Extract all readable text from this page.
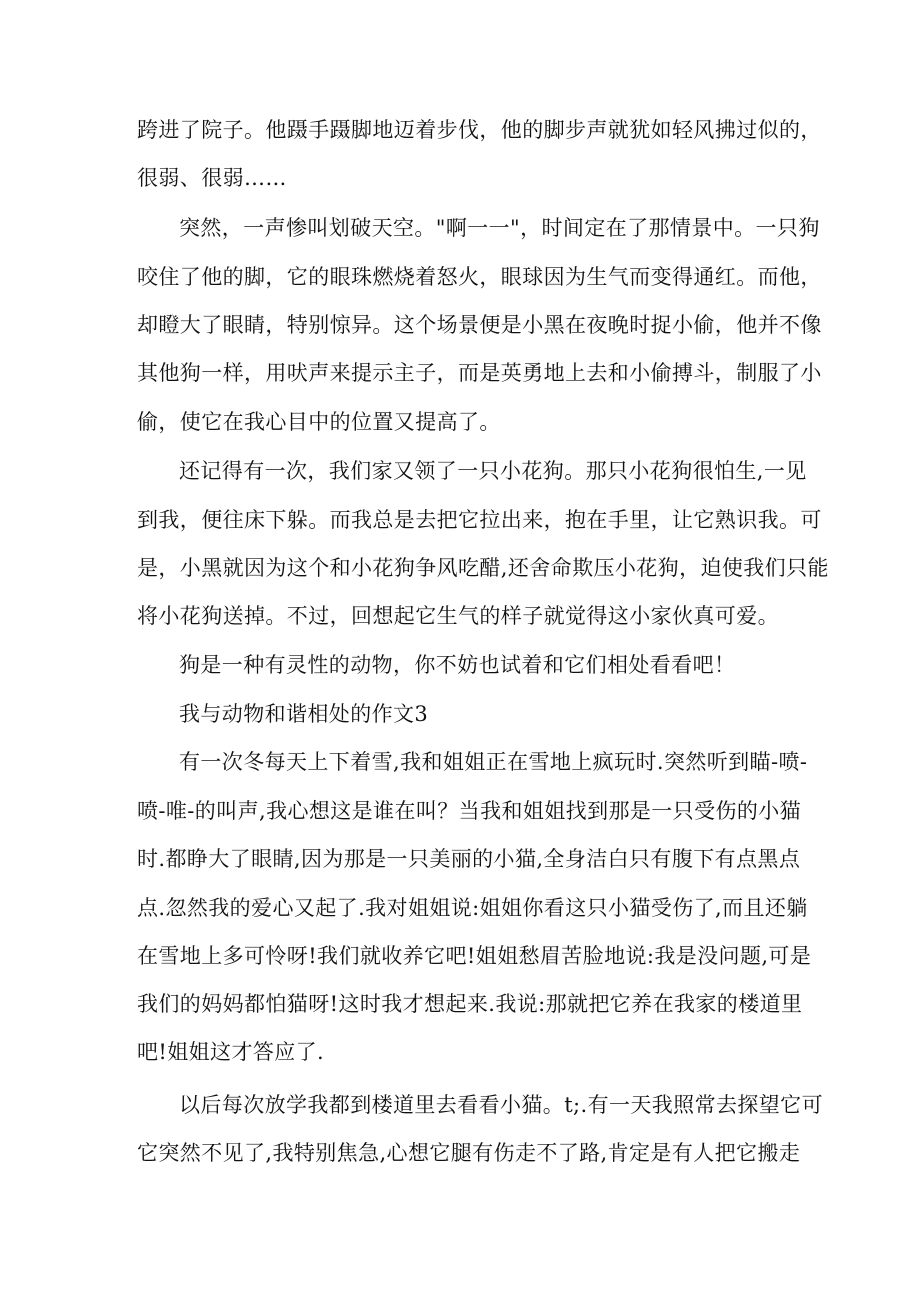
跨进了院子。他蹑手蹑脚地迈着步伐，他的脚步声就犹如轻风拂过似的，
很弱、很弱……
突然，一声惨叫划破天空。"啊一一"，时间定在了那情景中。一只狗
咬住了他的脚，它的眼珠燃烧着怒火，眼球因为生气而变得通红。而他，
却瞪大了眼睛，特别惊异。这个场景便是小黑在夜晚时捉小偷，他并不像
其他狗一样，用吠声来提示主子，而是英勇地上去和小偷搏斗，制服了小
偷，使它在我心目中的位置又提高了。
还记得有一次，我们家又领了一只小花狗。那只小花狗很怕生,一见
到我，便往床下躲。而我总是去把它拉出来，抱在手里，让它熟识我。可
是，小黑就因为这个和小花狗争风吃醋,还舍命欺压小花狗，迫使我们只能
将小花狗送掉。不过，回想起它生气的样子就觉得这小家伙真可爱。
狗是一种有灵性的动物，你不妨也试着和它们相处看看吧！
我与动物和谐相处的作文3
有一次冬每天上下着雪,我和姐姐正在雪地上疯玩时.突然听到瞄-喷-
喷-唯-的叫声,我心想这是谁在叫？当我和姐姐找到那是一只受伤的小猫
时.都睁大了眼睛,因为那是一只美丽的小猫,全身洁白只有腹下有点黑点
点.忽然我的爱心又起了.我对姐姐说:姐姐你看这只小猫受伤了,而且还躺
在雪地上多可怜呀!我们就收养它吧!姐姐愁眉苦脸地说:我是没问题,可是
我们的妈妈都怕猫呀!这时我才想起来.我说:那就把它养在我家的楼道里
吧!姐姐这才答应了.
以后每次放学我都到楼道里去看看小猫。t;.有一天我照常去探望它可
它突然不见了,我特别焦急,心想它腿有伤走不了路,肯定是有人把它搬走
